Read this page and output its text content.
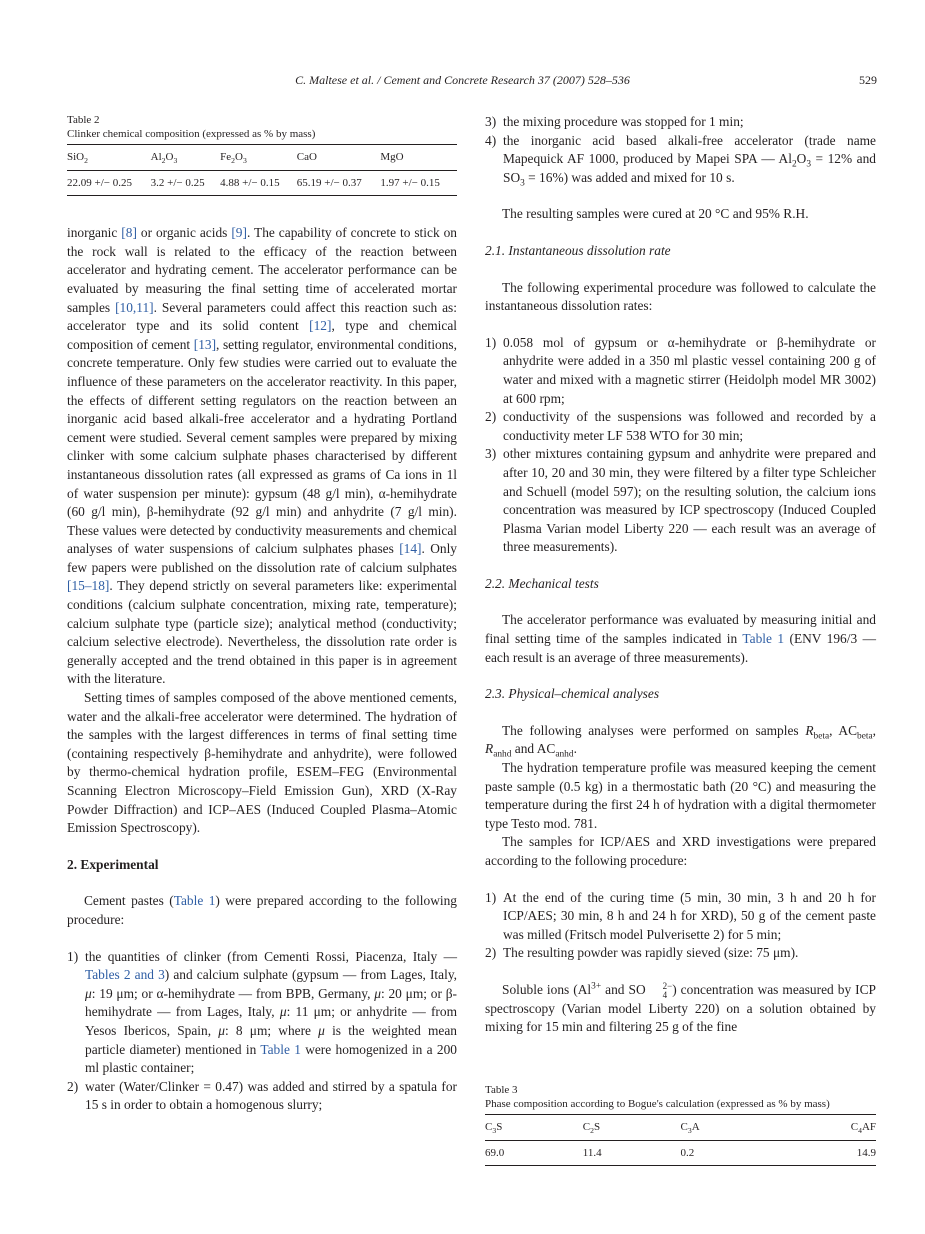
C. Maltese et al. / Cement and Concrete Research 37 (2007) 528–536	529
Table 2
Clinker chemical composition (expressed as % by mass)
SiO$_2$	$Al_2O_3$	$Fe_2O_3$	CaO	MgO
22.09 +/− 0.25	3.2 +/− 0.25	4.88 +/− 0.15	65.19 +/− 0.37	1.97 +/− 0.15

inorganic [8] or organic acids [9]. The capability of concrete to stick on the rock wall is related to the efficacy of the reaction between accelerator and hydrating cement. The accelerator performance can be evaluated by measuring the final setting time of accelerated mortar samples [10,11]. Several parameters could affect this reaction such as: accelerator type and its solid content [12], type and chemical composition of cement [13], setting regulator, environmental conditions, concrete temperature. Only few studies were carried out to evaluate the influence of these parameters on the accelerator reactivity. In this paper, the effects of different setting regulators on the reaction between an inorganic acid based alkali-free accelerator and a hydrating Portland cement were studied. Several cement samples were prepared by mixing clinker with some calcium sulphate phases characterised by different instantaneous dissolution rates (all expressed as grams of Ca ions in 1l of water suspension per minute): gypsum (48 g/l min), α-hemihydrate (60 g/l min), β-hemihydrate (92 g/l min) and anhydrite (7 g/l min). These values were detected by conductivity measurements and chemical analyses of water suspensions of calcium sulphates phases [14]. Only few papers were published on the dissolution rate of calcium sulphates [15–18]. They depend strictly on several parameters like: experimental conditions (calcium sulphate concentration, mixing rate, temperature); calcium sulphate type (particle size); analytical method (conductivity; calcium selective electrode). Nevertheless, the dissolution rate order is generally accepted and the trend obtained in this paper is in agreement with the literature.

Setting times of samples composed of the above mentioned cements, water and the alkali-free accelerator were determined. The hydration of the samples with the largest differences in terms of final setting time (containing respectively β-hemihydrate and anhydrite), were followed by thermo-chemical hydration profile, ESEM–FEG (Environmental Scanning Electron Microscopy–Field Emission Gun), XRD (X-Ray Powder Diffraction) and ICP–AES (Induced Coupled Plasma–Atomic Emission Spectroscopy).

2. Experimental

Cement pastes (Table 1) were prepared according to the following procedure:

1) the quantities of clinker (from Cementi Rossi, Piacenza, Italy — Tables 2 and 3) and calcium sulphate (gypsum — from Lages, Italy, μ: 19 μm; or α-hemihydrate — from BPB, Germany, μ: 20 μm; or β-hemihydrate — from Lages, Italy, μ: 11 μm; or anhydrite — from Yesos Ibericos, Spain, μ: 8 μm; where μ is the weighted mean particle diameter) mentioned in Table 1 were homogenized in a 200 ml plastic container;
2) water (Water/Clinker = 0.47) was added and stirred by a spatula for 15 s in order to obtain a homogenous slurry;
3) the mixing procedure was stopped for 1 min;
4) the inorganic acid based alkali-free accelerator (trade name Mapequick AF 1000, produced by Mapei SPA — $Al_2O_3 = 12\%$ and $SO_3 = 16\%$) was added and mixed for 10 s.

The resulting samples were cured at 20 °C and 95% R.H.

2.1. Instantaneous dissolution rate

The following experimental procedure was followed to calculate the instantaneous dissolution rates:

1) 0.058 mol of gypsum or α-hemihydrate or β-hemihydrate or anhydrite were added in a 350 ml plastic vessel containing 200 g of water and mixed with a magnetic stirrer (Heidolph model MR 3002) at 600 rpm;
2) conductivity of the suspensions was followed and recorded by a conductivity meter LF 538 WTO for 30 min;
3) other mixtures containing gypsum and anhydrite were prepared and after 10, 20 and 30 min, they were filtered by a filter type Schleicher and Schuell (model 597); on the resulting solution, the calcium ions concentration was measured by ICP spectroscopy (Induced Coupled Plasma Varian model Liberty 220 — each result was an average of three measurements).

2.2. Mechanical tests

The accelerator performance was evaluated by measuring initial and final setting time of the samples indicated in Table 1 (ENV 196/3 — each result is an average of three measurements).

2.3. Physical–chemical analyses

The following analyses were performed on samples $R_{beta}$, $AC_{beta}$, $R_{anhd}$ and $AC_{anhd}$.

The hydration temperature profile was measured keeping the cement paste sample (0.5 kg) in a thermostatic bath (20 °C) and measuring the temperature during the first 24 h of hydration with a digital thermometer type Testo mod. 781.

The samples for ICP/AES and XRD investigations were prepared according to the following procedure:

1) At the end of the curing time (5 min, 30 min, 3 h and 20 h for ICP/AES; 30 min, 8 h and 24 h for XRD), 50 g of the cement paste was milled (Fritsch model Pulverisette 2) for 5 min;
2) The resulting powder was rapidly sieved (size: 75 μm).

Soluble ions ($Al^{3+}$ and SO	2−
4 ) concentration was measured by ICP spectroscopy (Varian model Liberty 220) on a solution obtained by mixing for 15 min and filtering 25 g of the fine

Table 3
Phase composition according to Bogue's calculation (expressed as % by mass)
$C_3S$	$C_2S$	$C_3A$	$C_4AF$
69.0	11.4	0.2	14.9
